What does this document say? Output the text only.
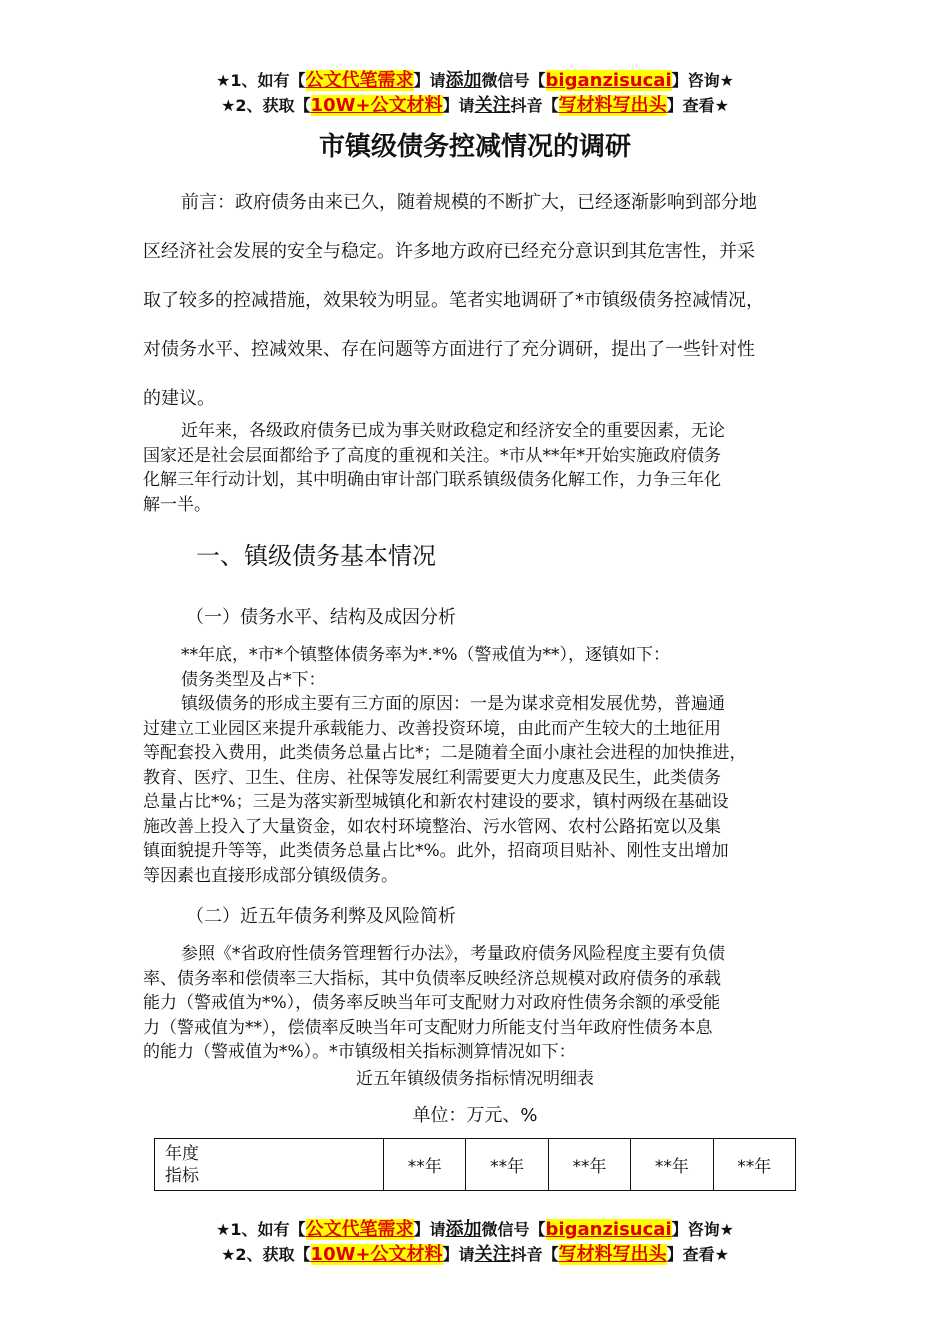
★1、如有【公文代笔需求】请添加微信号【biganzisucai】咨询★
★2、获取【10W+公文材料】请关注抖音【写材料写出头】查看★
市镇级债务控减情况的调研
前言：政府债务由来已久，随着规模的不断扩大，已经逐渐影响到部分地
区经济社会发展的安全与稳定。许多地方政府已经充分意识到其危害性，并采
取了较多的控减措施，效果较为明显。笔者实地调研了*市镇级债务控减情况，
对债务水平、控减效果、存在问题等方面进行了充分调研，提出了一些针对性
的建议。
近年来，各级政府债务已成为事关财政稳定和经济安全的重要因素，无论
国家还是社会层面都给予了高度的重视和关注。*市从**年*开始实施政府债务
化解三年行动计划，其中明确由审计部门联系镇级债务化解工作，力争三年化
解一半。
一、镇级债务基本情况
（一）债务水平、结构及成因分析
**年底，*市*个镇整体债务率为*.*%（警戒值为**），逐镇如下：
债务类型及占*下：
镇级债务的形成主要有三方面的原因：一是为谋求竞相发展优势，普遍通
过建立工业园区来提升承载能力、改善投资环境，由此而产生较大的土地征用
等配套投入费用，此类债务总量占比*；二是随着全面小康社会进程的加快推进，
教育、医疗、卫生、住房、社保等发展红利需要更大力度惠及民生，此类债务
总量占比*%；三是为落实新型城镇化和新农村建设的要求，镇村两级在基础设
施改善上投入了大量资金，如农村环境整治、污水管网、农村公路拓宽以及集
镇面貌提升等等，此类债务总量占比*%。此外，招商项目贴补、刚性支出增加
等因素也直接形成部分镇级债务。
（二）近五年债务利弊及风险简析
参照《*省政府性债务管理暂行办法》，考量政府债务风险程度主要有负债
率、债务率和偿债率三大指标，其中负债率反映经济总规模对政府债务的承载
能力（警戒值为*%），债务率反映当年可支配财力对政府性债务余额的承受能
力（警戒值为**），偿债率反映当年可支配财力所能支付当年政府性债务本息
的能力（警戒值为*%）。*市镇级相关指标测算情况如下：
近五年镇级债务指标情况明细表
单位：万元、%
年度
指标	**年	**年	**年	**年	**年
★1、如有【公文代笔需求】请添加微信号【biganzisucai】咨询★
★2、获取【10W+公文材料】请关注抖音【写材料写出头】查看★
